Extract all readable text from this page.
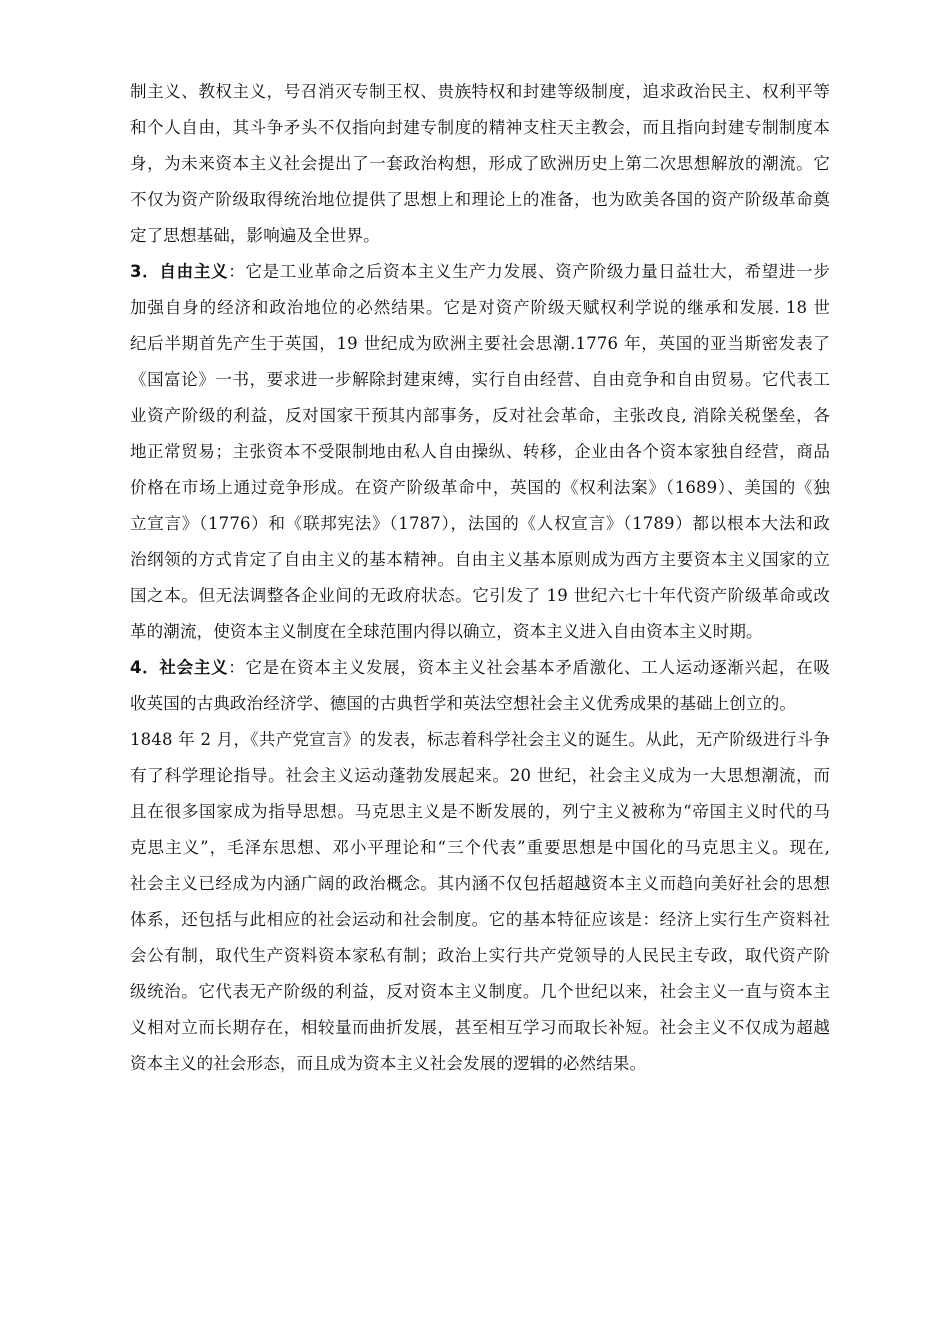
制主义、教权主义，号召消灭专制王权、贵族特权和封建等级制度，追求政治民主、权利平等
和个人自由，其斗争矛头不仅指向封建专制度的精神支柱天主教会，而且指向封建专制制度本
身，为未来资本主义社会提出了一套政治构想，形成了欧洲历史上第二次思想解放的潮流。它
不仅为资产阶级取得统治地位提供了思想上和理论上的准备，也为欧美各国的资产阶级革命奠
定了思想基础，影响遍及全世界。
3．自由主义：它是工业革命之后资本主义生产力发展、资产阶级力量日益壮大，希望进一步
加强自身的经济和政治地位的必然结果。它是对资产阶级天赋权利学说的继承和发展. 18 世
纪后半期首先产生于英国，19 世纪成为欧洲主要社会思潮.1776 年，英国的亚当斯密发表了
《国富论》一书，要求进一步解除封建束缚，实行自由经营、自由竞争和自由贸易。它代表工
业资产阶级的利益，反对国家干预其内部事务，反对社会革命，主张改良, 消除关税堡垒，各
地正常贸易；主张资本不受限制地由私人自由操纵、转移，企业由各个资本家独自经营，商品
价格在市场上通过竞争形成。在资产阶级革命中，英国的《权利法案》（1689）、美国的《独
立宣言》（1776）和《联邦宪法》（1787），法国的《人权宣言》（1789）都以根本大法和政
治纲领的方式肯定了自由主义的基本精神。自由主义基本原则成为西方主要资本主义国家的立
国之本。但无法调整各企业间的无政府状态。它引发了 19 世纪六七十年代资产阶级革命或改
革的潮流，使资本主义制度在全球范围内得以确立，资本主义进入自由资本主义时期。
4．社会主义：它是在资本主义发展，资本主义社会基本矛盾激化、工人运动逐渐兴起，在吸
收英国的古典政治经济学、德国的古典哲学和英法空想社会主义优秀成果的基础上创立的。
1848 年 2 月，《共产党宣言》的发表，标志着科学社会主义的诞生。从此，无产阶级进行斗争
有了科学理论指导。社会主义运动蓬勃发展起来。20 世纪，社会主义成为一大思想潮流，而
且在很多国家成为指导思想。马克思主义是不断发展的，列宁主义被称为“帝国主义时代的马
克思主义”，毛泽东思想、邓小平理论和“三个代表”重要思想是中国化的马克思主义。现在,
社会主义已经成为内涵广阔的政治概念。其内涵不仅包括超越资本主义而趋向美好社会的思想
体系，还包括与此相应的社会运动和社会制度。它的基本特征应该是：经济上实行生产资料社
会公有制，取代生产资料资本家私有制；政治上实行共产党领导的人民民主专政，取代资产阶
级统治。它代表无产阶级的利益，反对资本主义制度。几个世纪以来，社会主义一直与资本主
义相对立而长期存在，相较量而曲折发展，甚至相互学习而取长补短。社会主义不仅成为超越
资本主义的社会形态，而且成为资本主义社会发展的逻辑的必然结果。
